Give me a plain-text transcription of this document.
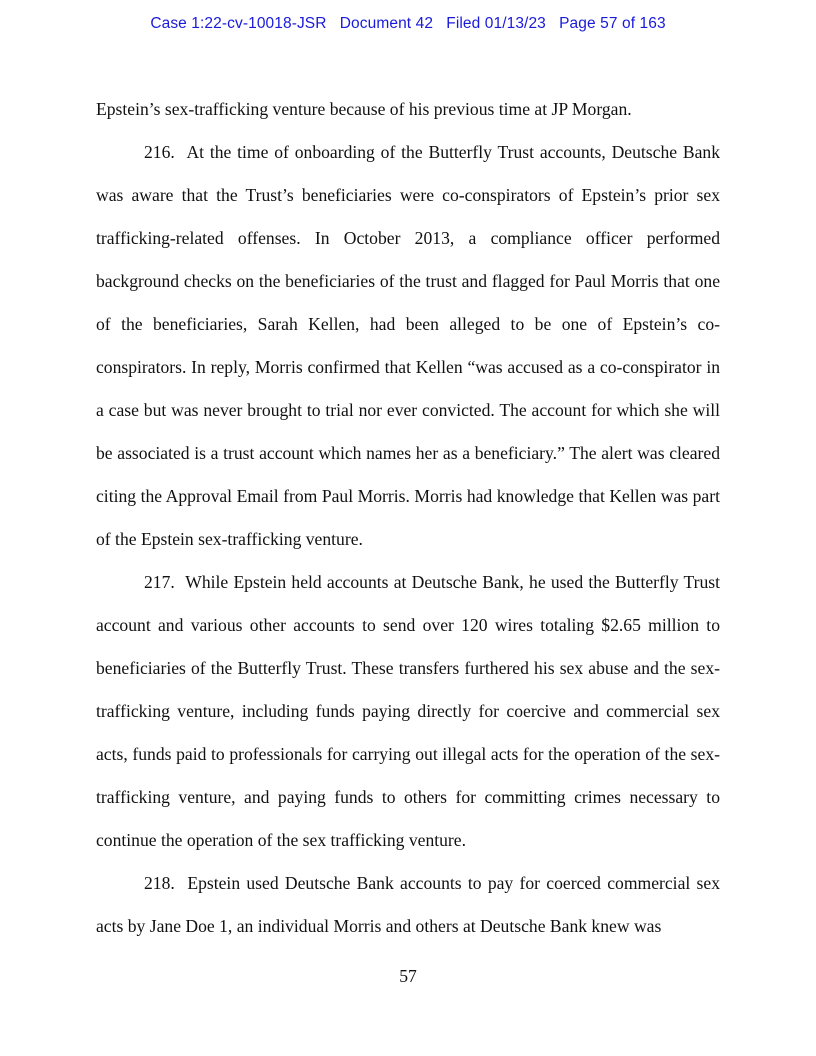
Case 1:22-cv-10018-JSR   Document 42   Filed 01/13/23   Page 57 of 163

Epstein’s sex-trafficking venture because of his previous time at JP Morgan.

216. At the time of onboarding of the Butterfly Trust accounts, Deutsche Bank was aware that the Trust’s beneficiaries were co-conspirators of Epstein’s prior sex trafficking-related offenses. In October 2013, a compliance officer performed background checks on the beneficiaries of the trust and flagged for Paul Morris that one of the beneficiaries, Sarah Kellen, had been alleged to be one of Epstein’s co-conspirators. In reply, Morris confirmed that Kellen “was accused as a co-conspirator in a case but was never brought to trial nor ever convicted. The account for which she will be associated is a trust account which names her as a beneficiary.” The alert was cleared citing the Approval Email from Paul Morris. Morris had knowledge that Kellen was part of the Epstein sex-trafficking venture.

217. While Epstein held accounts at Deutsche Bank, he used the Butterfly Trust account and various other accounts to send over 120 wires totaling $2.65 million to beneficiaries of the Butterfly Trust. These transfers furthered his sex abuse and the sex-trafficking venture, including funds paying directly for coercive and commercial sex acts, funds paid to professionals for carrying out illegal acts for the operation of the sex-trafficking venture, and paying funds to others for committing crimes necessary to continue the operation of the sex trafficking venture.

218. Epstein used Deutsche Bank accounts to pay for coerced commercial sex acts by Jane Doe 1, an individual Morris and others at Deutsche Bank knew was

57
